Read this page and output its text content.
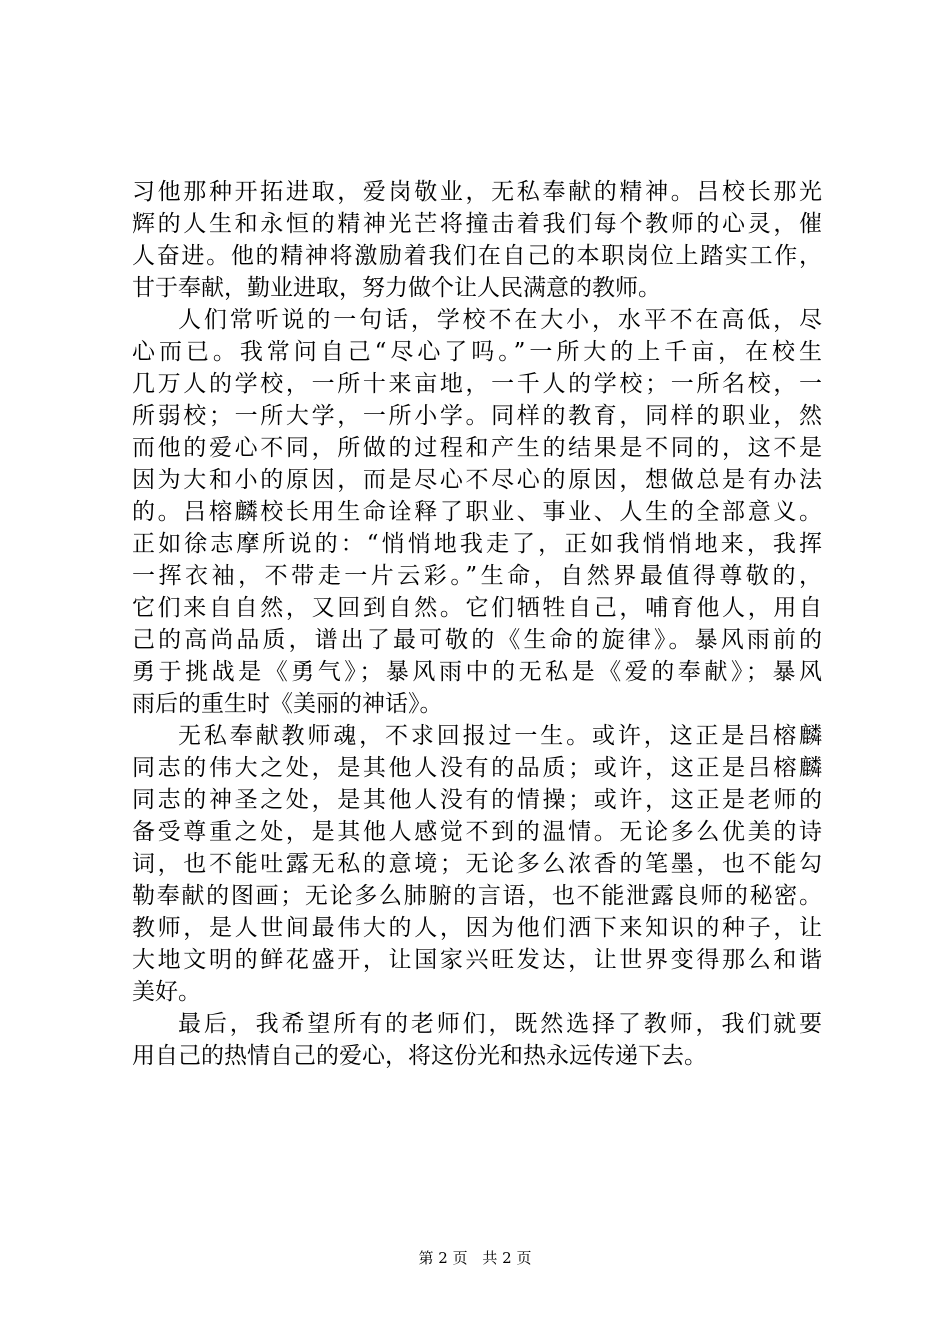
习他那种开拓进取，爱岗敬业，无私奉献的精神。吕校长那光
辉的人生和永恒的精神光芒将撞击着我们每个教师的心灵，催
人奋进。他的精神将激励着我们在自己的本职岗位上踏实工作，
甘于奉献，勤业进取，努力做个让人民满意的教师。
人们常听说的一句话，学校不在大小，水平不在高低，尽
心而已。我常问自己“尽心了吗。”一所大的上千亩，在校生
几万人的学校，一所十来亩地，一千人的学校；一所名校，一
所弱校；一所大学，一所小学。同样的教育，同样的职业，然
而他的爱心不同，所做的过程和产生的结果是不同的，这不是
因为大和小的原因，而是尽心不尽心的原因，想做总是有办法
的。吕榕麟校长用生命诠释了职业、事业、人生的全部意义。
正如徐志摩所说的：“悄悄地我走了，正如我悄悄地来，我挥
一挥衣袖，不带走一片云彩。”生命，自然界最值得尊敬的，
它们来自自然，又回到自然。它们牺牲自己，哺育他人，用自
己的高尚品质，谱出了最可敬的《生命的旋律》。暴风雨前的
勇于挑战是《勇气》；暴风雨中的无私是《爱的奉献》；暴风
雨后的重生时《美丽的神话》。
无私奉献教师魂，不求回报过一生。或许，这正是吕榕麟
同志的伟大之处，是其他人没有的品质；或许，这正是吕榕麟
同志的神圣之处，是其他人没有的情操；或许，这正是老师的
备受尊重之处，是其他人感觉不到的温情。无论多么优美的诗
词，也不能吐露无私的意境；无论多么浓香的笔墨，也不能勾
勒奉献的图画；无论多么肺腑的言语，也不能泄露良师的秘密。
教师，是人世间最伟大的人，因为他们洒下来知识的种子，让
大地文明的鲜花盛开，让国家兴旺发达，让世界变得那么和谐
美好。
最后，我希望所有的老师们，既然选择了教师，我们就要
用自己的热情自己的爱心，将这份光和热永远传递下去。
第 2 页 共 2 页
